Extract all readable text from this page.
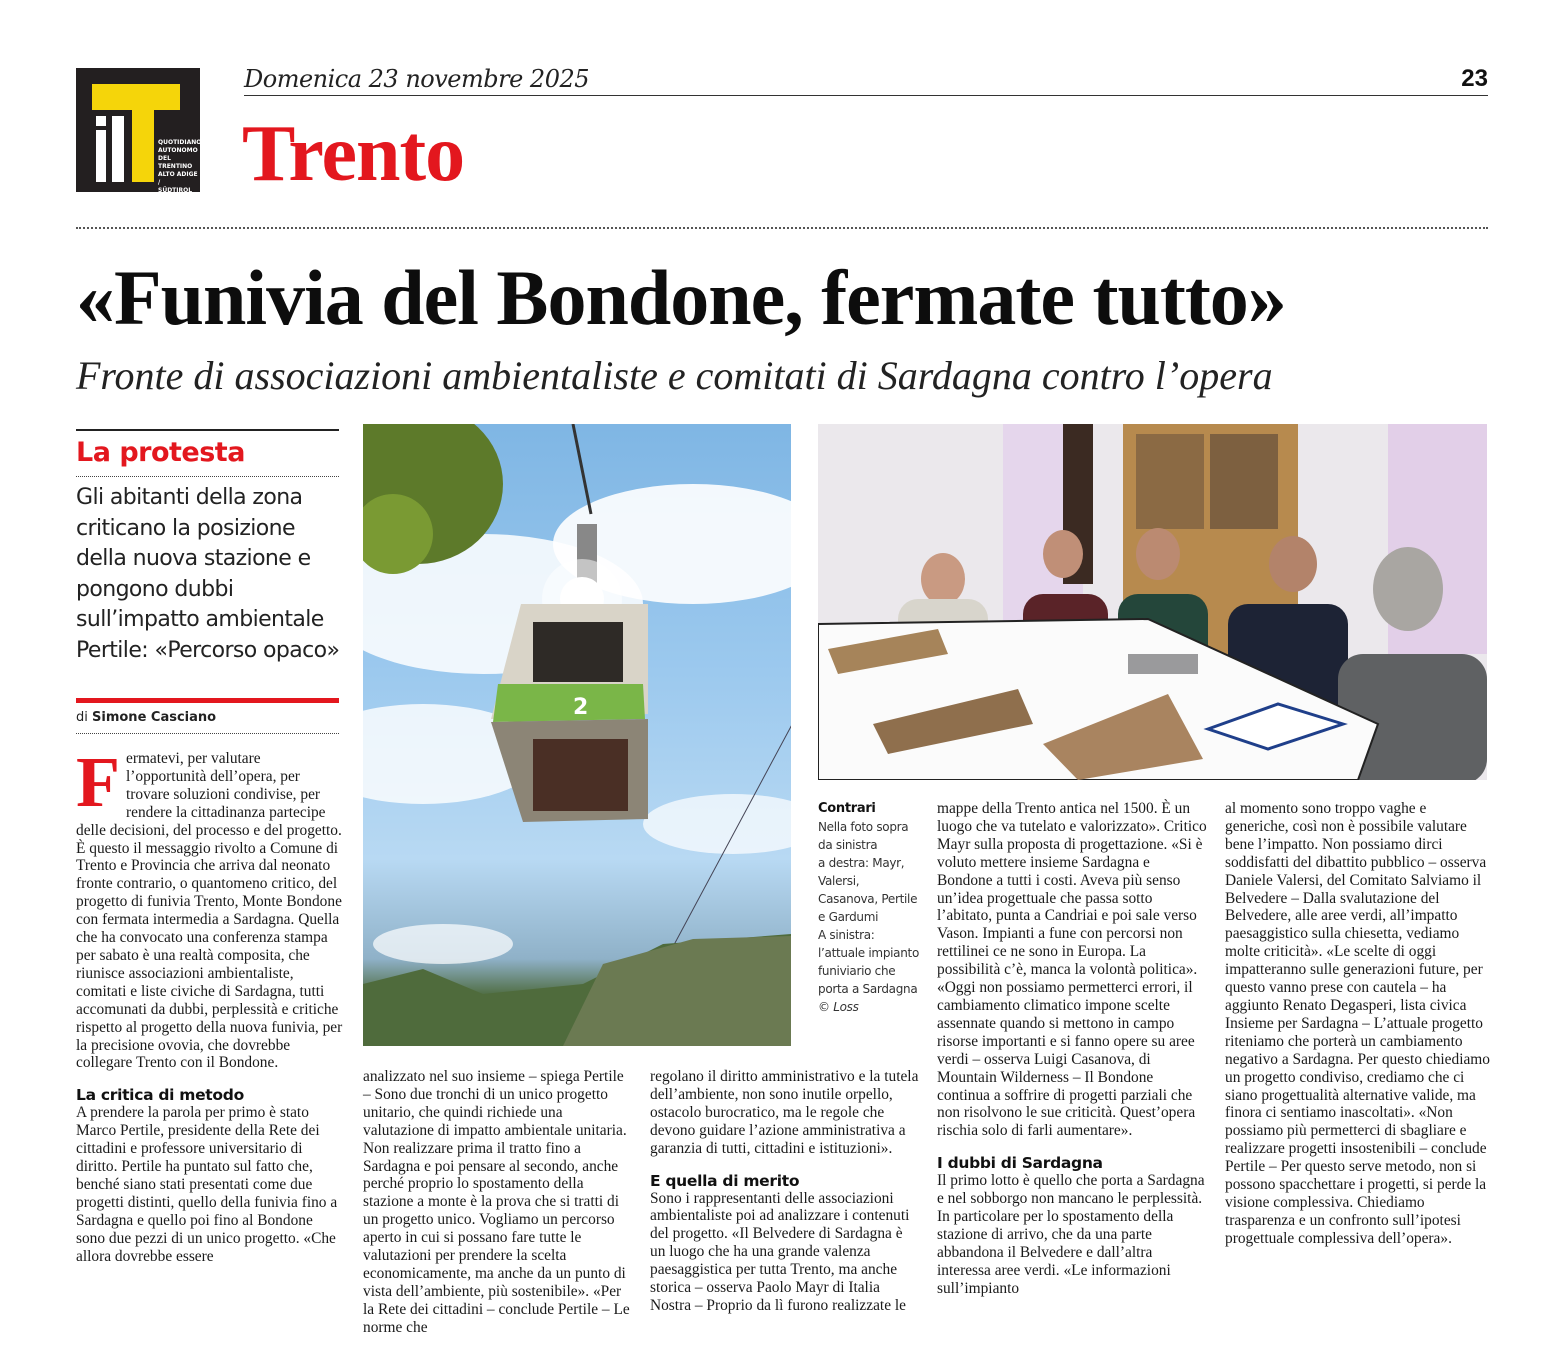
QUOTIDIANO
AUTONOMO
DEL TRENTINO
ALTO ADIGE /
SÜDTIROL
Domenica 23 novembre 2025	23
Trento
«Funivia del Bondone, fermate tutto»
Fronte di associazioni ambientaliste e comitati di Sardagna contro l’opera
La protesta
Gli abitanti della zona criticano la posizione della nuova stazione e pongono dubbi sull’impatto ambientale Pertile: «Percorso opaco»
di Simone Casciano

Fermatevi, per valutare l’opportunità dell’opera, per trovare soluzioni condivise, per rendere la cittadinanza partecipe delle decisioni, del processo e del progetto. È questo il messaggio rivolto a Comune di Trento e Provincia che arriva dal neonato fronte contrario, o quantomeno critico, del progetto di funivia Trento, Monte Bondone con fermata intermedia a Sardagna. Quella che ha convocato una conferenza stampa per sabato è una realtà composita, che riunisce associazioni ambientaliste, comitati e liste civiche di Sardagna, tutti accomunati da dubbi, perplessità e critiche rispetto al progetto della nuova funivia, per la precisione ovovia, che dovrebbe collegare Trento con il Bondone.

La critica di metodo

A prendere la parola per primo è stato Marco Pertile, presidente della Rete dei cittadini e professore universitario di diritto. Pertile ha puntato sul fatto che, benché siano stati presentati come due progetti distinti, quello della funivia fino a Sardagna e quello poi fino al Bondone sono due pezzi di un unico progetto. «Che allora dovrebbe essere

2

analizzato nel suo insieme – spiega Pertile – Sono due tronchi di un unico progetto unitario, che quindi richiede una valutazione di impatto ambientale unitaria. Non realizzare prima il tratto fino a Sardagna e poi pensare al secondo, anche perché proprio lo spostamento della stazione a monte è la prova che si tratti di un progetto unico. Vogliamo un percorso aperto in cui si possano fare tutte le valutazioni per prendere la scelta economicamente, ma anche da un punto di vista dell’ambiente, più sostenibile». «Per la Rete dei cittadini – conclude Pertile – Le norme che

regolano il diritto amministrativo e la tutela dell’ambiente, non sono inutile orpello, ostacolo burocratico, ma le regole che devono guidare l’azione amministrativa a garanzia di tutti, cittadini e istituzioni».

E quella di merito

Sono i rappresentanti delle associazioni ambientaliste poi ad analizzare i contenuti del progetto. «Il Belvedere di Sardagna è un luogo che ha una grande valenza paesaggistica per tutta Trento, ma anche storica – osserva Paolo Mayr di Italia Nostra – Proprio da lì furono realizzate le

Contrari
Nella foto sopra
da sinistra
a destra: Mayr,
Valersi,
Casanova, Pertile
e Gardumi
A sinistra:
l’attuale impianto
funiviario che
porta a Sardagna
© Loss

mappe della Trento antica nel 1500. È un luogo che va tutelato e valorizzato». Critico Mayr sulla proposta di progettazione. «Si è voluto mettere insieme Sardagna e Bondone a tutti i costi. Aveva più senso un’idea progettuale che passa sotto l’abitato, punta a Candriai e poi sale verso Vason. Impianti a fune con percorsi non rettilinei ce ne sono in Europa. La possibilità c’è, manca la volontà politica». «Oggi non possiamo permetterci errori, il cambiamento climatico impone scelte assennate quando si mettono in campo risorse importanti e si fanno opere su aree verdi – osserva Luigi Casanova, di Mountain Wilderness – Il Bondone continua a soffrire di progetti parziali che non risolvono le sue criticità. Quest’opera rischia solo di farli aumentare».

I dubbi di Sardagna

Il primo lotto è quello che porta a Sardagna e nel sobborgo non mancano le perplessità. In particolare per lo spostamento della stazione di arrivo, che da una parte abbandona il Belvedere e dall’altra interessa aree verdi. «Le informazioni sull’impianto

al momento sono troppo vaghe e generiche, così non è possibile valutare bene l’impatto. Non possiamo dirci soddisfatti del dibattito pubblico – osserva Daniele Valersi, del Comitato Salviamo il Belvedere – Dalla svalutazione del Belvedere, alle aree verdi, all’impatto paesaggistico sulla chiesetta, vediamo molte criticità». «Le scelte di oggi impatteranno sulle generazioni future, per questo vanno prese con cautela – ha aggiunto Renato Degasperi, lista civica Insieme per Sardagna – L’attuale progetto riteniamo che porterà un cambiamento negativo a Sardagna. Per questo chiediamo un progetto condiviso, crediamo che ci siano progettualità alternative valide, ma finora ci sentiamo inascoltati». «Non possiamo più permetterci di sbagliare e realizzare progetti insostenibili – conclude Pertile – Per questo serve metodo, non si possono spacchettare i progetti, si perde la visione complessiva. Chiediamo trasparenza e un confronto sull’ipotesi progettuale complessiva dell’opera».
